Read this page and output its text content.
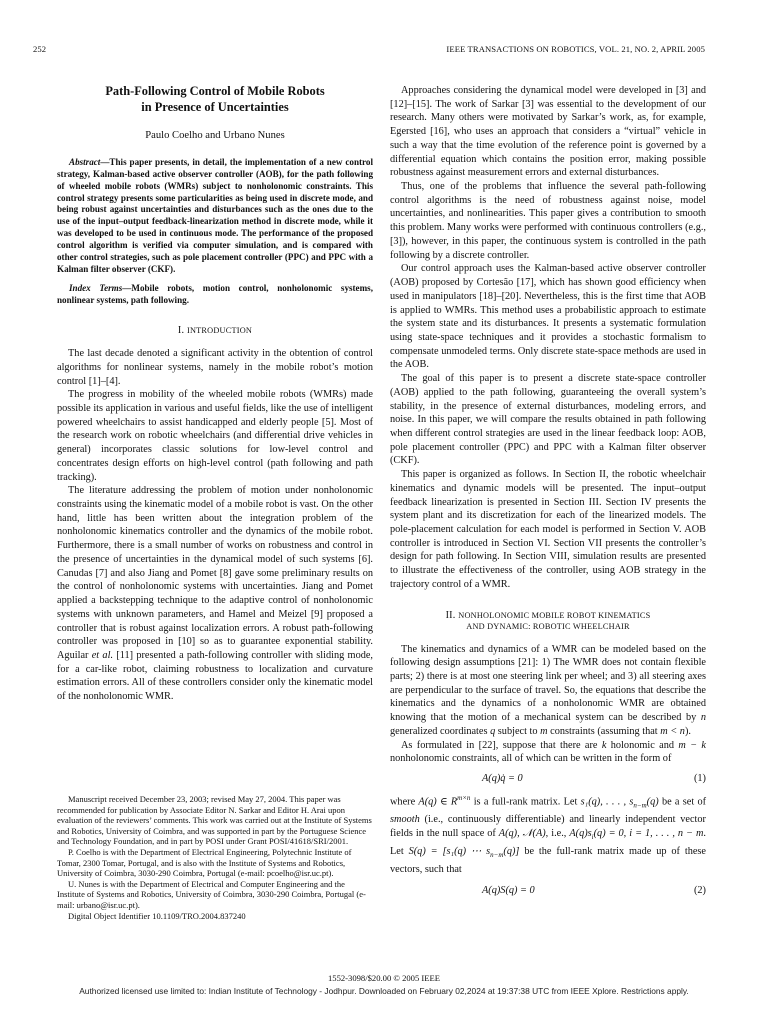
252	IEEE TRANSACTIONS ON ROBOTICS, VOL. 21, NO. 2, APRIL 2005

Path-Following Control of Mobile Robots
in Presence of Uncertainties

Paulo Coelho and Urbano Nunes

Abstract—This paper presents, in detail, the implementation of a new control strategy, Kalman-based active observer controller (AOB), for the path following of wheeled mobile robots (WMRs) subject to nonholonomic constraints. This control strategy presents some particularities as being used in discrete mode, and being robust against uncertainties and disturbances such as the ones due to the use of the input–output feedback-linearization method in discrete mode, while it was developed to be used in continuous mode. The performance of the proposed control algorithm is verified via computer simulation, and is compared with other control strategies, such as pole placement controller (PPC) and PPC with a Kalman filter observer (CKF).

Index Terms—Mobile robots, motion control, nonholonomic systems, nonlinear systems, path following.

I. INTRODUCTION

The last decade denoted a significant activity in the obtention of control algorithms for nonlinear systems, namely in the mobile robot’s motion control [1]–[4].

The progress in mobility of the wheeled mobile robots (WMRs) made possible its application in various and useful fields, like the use of intelligent powered wheelchairs to assist handicapped and elderly people [5]. Most of the research work on robotic wheelchairs (and differential drive vehicles in general) incorporates classic solutions for low-level control and concentrates design efforts on high-level control (path following and path tracking).

The literature addressing the problem of motion under nonholonomic constraints using the kinematic model of a mobile robot is vast. On the other hand, little has been written about the integration problem of the nonholonomic kinematics controller and the dynamics of the mobile robot. Furthermore, there is a small number of works on robustness and control in the presence of uncertainties in the dynamical model of such systems [6]. Canudas [7] and also Jiang and Pomet [8] gave some preliminary results on the control of nonholonomic systems with uncertainties. Jiang and Pomet applied a backstepping technique to the adaptive control of nonholonomic systems with unknown parameters, and Hamel and Meizel [9] proposed a controller that is robust against localization errors. A robust path-following controller was proposed in [10] so as to guarantee exponential stability. Aguilar et al. [11] presented a path-following controller with sliding mode, for a car-like robot, claiming robustness to localization and curvature estimation errors. All of these controllers consider only the kinematic model of the nonholonomic WMR.

Manuscript received December 23, 2003; revised May 27, 2004. This paper was recommended for publication by Associate Editor N. Sarkar and Editor H. Arai upon evaluation of the reviewers’ comments. This work was carried out at the Institute of Systems and Robotics, University of Coimbra, and was supported in part by the Portuguese Science and Technology Foundation, and in part by POSI under Grant POSI/41618/SRI/2001.

P. Coelho is with the Department of Electrical Engineering, Polytechnic Institute of Tomar, 2300 Tomar, Portugal, and is also with the Institute of Systems and Robotics, University of Coimbra, 3030-290 Coimbra, Portugal (e-mail: pcoelho@isr.uc.pt).

U. Nunes is with the Department of Electrical and Computer Engineering and the Institute of Systems and Robotics, University of Coimbra, 3030-290 Coimbra, Portugal (e-mail: urbano@isr.uc.pt).

Digital Object Identifier 10.1109/TRO.2004.837240

Approaches considering the dynamical model were developed in [3] and [12]–[15]. The work of Sarkar [3] was essential to the development of our research. Many others were motivated by Sarkar’s work, as, for example, Egersted [16], who uses an approach that considers a “virtual” vehicle in such a way that the time evolution of the reference point is governed by a differential equation which contains the position error, making possible robustness against measurement errors and external disturbances.

Thus, one of the problems that influence the several path-following control algorithms is the need of robustness against noise, model uncertainties, and nonlinearities. This paper gives a contribution to smooth this problem. Many works were performed with continuous controllers (e.g., [3]), however, in this paper, the continuous system is controlled in the path following by a discrete controller.

Our control approach uses the Kalman-based active observer controller (AOB) proposed by Cortesão [17], which has shown good efficiency when used in manipulators [18]–[20]. Nevertheless, this is the first time that AOB is applied to WMRs. This method uses a probabilistic approach to estimate the system state and its disturbances. It presents a systematic formulation using state-space techniques and it provides a stochastic formalism to compensate unmodeled terms. Only discrete state-space methods are used in the AOB.

The goal of this paper is to present a discrete state-space controller (AOB) applied to the path following, guaranteeing the overall system’s stability, in the presence of external disturbances, modeling errors, and noise. In this paper, we will compare the results obtained in path following when different control strategies are used in the linear feedback loop: AOB, pole placement controller (PPC) and PPC with a Kalman filter observer (CKF).

This paper is organized as follows. In Section II, the robotic wheelchair kinematics and dynamic models will be presented. The input–output feedback linearization is presented in Section III. Section IV presents the system plant and its discretization for each of the linearized models. The pole-placement calculation for each model is performed in Section V. AOB controller is introduced in Section VI. Section VII presents the controller’s design for path following. In Section VIII, simulation results are presented to illustrate the effectiveness of the controller, using AOB strategy in the trajectory control of a WMR.

II. NONHOLONOMIC MOBILE ROBOT KINEMATICS
AND DYNAMIC: ROBOTIC WHEELCHAIR

The kinematics and dynamics of a WMR can be modeled based on the following design assumptions [21]: 1) The WMR does not contain flexible parts; 2) there is at most one steering link per wheel; and 3) all steering axes are perpendicular to the surface of travel. So, the equations that describe the kinematics and the dynamics of a nonholonomic WMR are obtained knowing that the motion of a mechanical system can be described by n generalized coordinates q subject to m constraints (assuming that m < n).

As formulated in [22], suppose that there are k holonomic and m − k nonholonomic constraints, all of which can be written in the form of

A(q)q̇ = 0	(1)

where A(q) ∈ $R^{m\times n}$ is a full-rank matrix. Let s₁(q), . . . , $s_{n-m}(q)$ be a set of smooth (i.e., continuously differentiable) and linearly independent vector fields in the null space of A(q), 𝒩(A), i.e., $A(q)s_i(q) = 0$, i = 1, . . . , n − m. Let S(q) = [s₁(q) ⋯ $s_{n-m}(q)$] be the full-rank matrix made up of these vectors, such that

A(q)S(q) = 0	(2)
1552-3098/$20.00 © 2005 IEEE
Authorized licensed use limited to: Indian Institute of Technology - Jodhpur. Downloaded on February 02,2024 at 19:37:38 UTC from IEEE Xplore. Restrictions apply.
